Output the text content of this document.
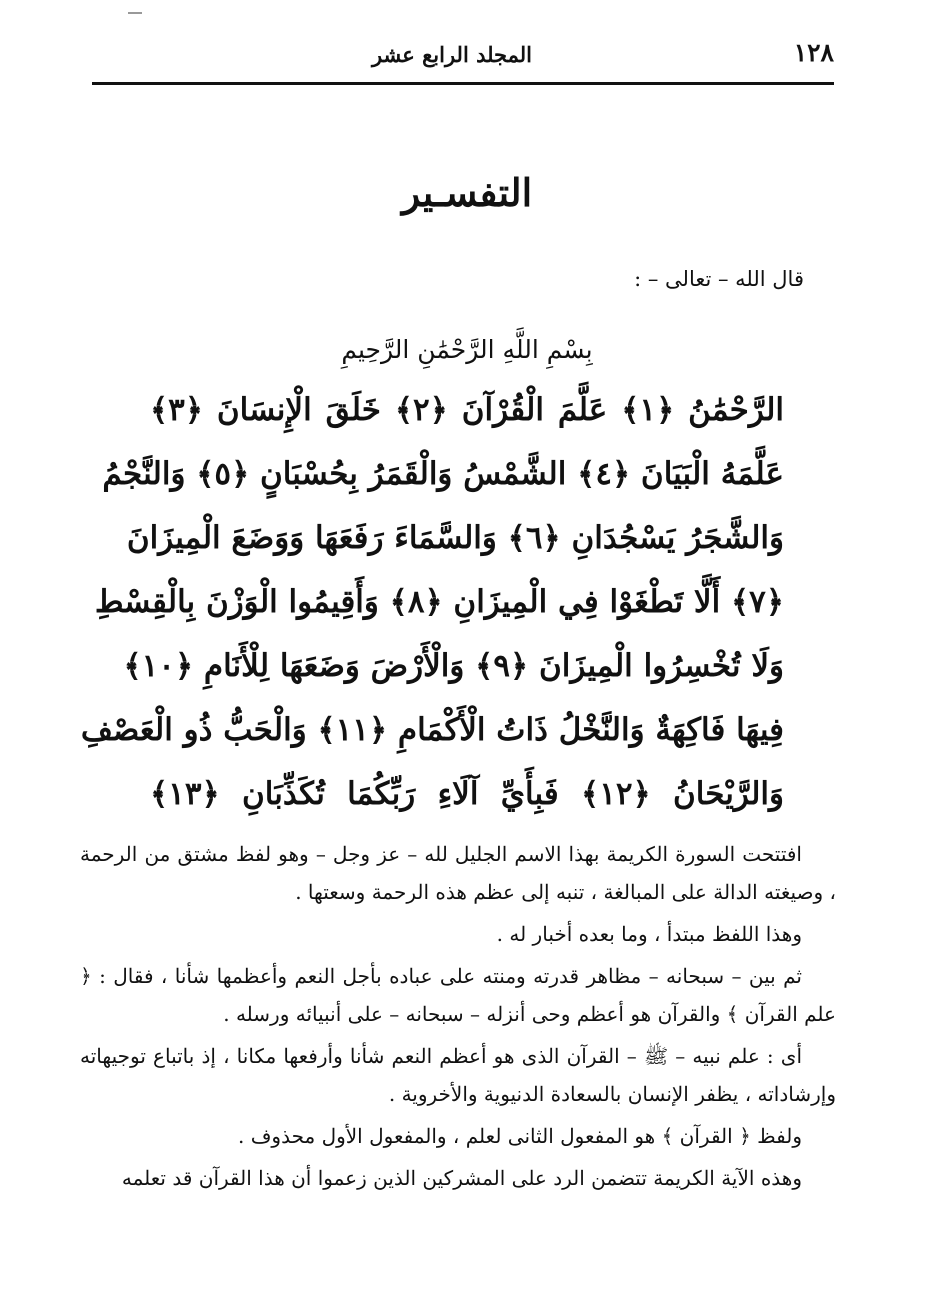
١٢٨
المجلد الرابع عشر
التفسـير
قال الله – تعالى – :
بِسْمِ اللَّهِ الرَّحْمَٰنِ الرَّحِيمِ
الرَّحْمَٰنُ ﴿١﴾ عَلَّمَ الْقُرْآنَ ﴿٢﴾ خَلَقَ الْإِنسَانَ ﴿٣﴾
عَلَّمَهُ الْبَيَانَ ﴿٤﴾ الشَّمْسُ وَالْقَمَرُ بِحُسْبَانٍ ﴿٥﴾ وَالنَّجْمُ
وَالشَّجَرُ يَسْجُدَانِ ﴿٦﴾ وَالسَّمَاءَ رَفَعَهَا وَوَضَعَ الْمِيزَانَ
﴿٧﴾ أَلَّا تَطْغَوْا فِي الْمِيزَانِ ﴿٨﴾ وَأَقِيمُوا الْوَزْنَ بِالْقِسْطِ
وَلَا تُخْسِرُوا الْمِيزَانَ ﴿٩﴾ وَالْأَرْضَ وَضَعَهَا لِلْأَنَامِ ﴿١٠﴾
فِيهَا فَاكِهَةٌ وَالنَّخْلُ ذَاتُ الْأَكْمَامِ ﴿١١﴾ وَالْحَبُّ ذُو الْعَصْفِ
وَالرَّيْحَانُ ﴿١٢﴾ فَبِأَيِّ آلَاءِ رَبِّكُمَا تُكَذِّبَانِ ﴿١٣﴾

افتتحت السورة الكريمة بهذا الاسم الجليل لله – عز وجل – وهو لفظ مشتق من الرحمة ، وصيغته الدالة على المبالغة ، تنبه إلى عظم هذه الرحمة وسعتها .

وهذا اللفظ مبتدأ ، وما بعده أخبار له .

ثم بين – سبحانه – مظاهر قدرته ومنته على عباده بأجل النعم وأعظمها شأنا ، فقال : ﴿ علم القرآن ﴾ والقرآن هو أعظم وحى أنزله – سبحانه – على أنبيائه ورسله .

أى : علم نبيه – ﷺ – القرآن الذى هو أعظم النعم شأنا وأرفعها مكانا ، إذ باتباع توجيهاته وإرشاداته ، يظفر الإنسان بالسعادة الدنيوية والأخروية .

ولفظ ﴿ القرآن ﴾ هو المفعول الثانى لعلم ، والمفعول الأول محذوف .

وهذه الآية الكريمة تتضمن الرد على المشركين الذين زعموا أن هذا القرآن قد تعلمه
